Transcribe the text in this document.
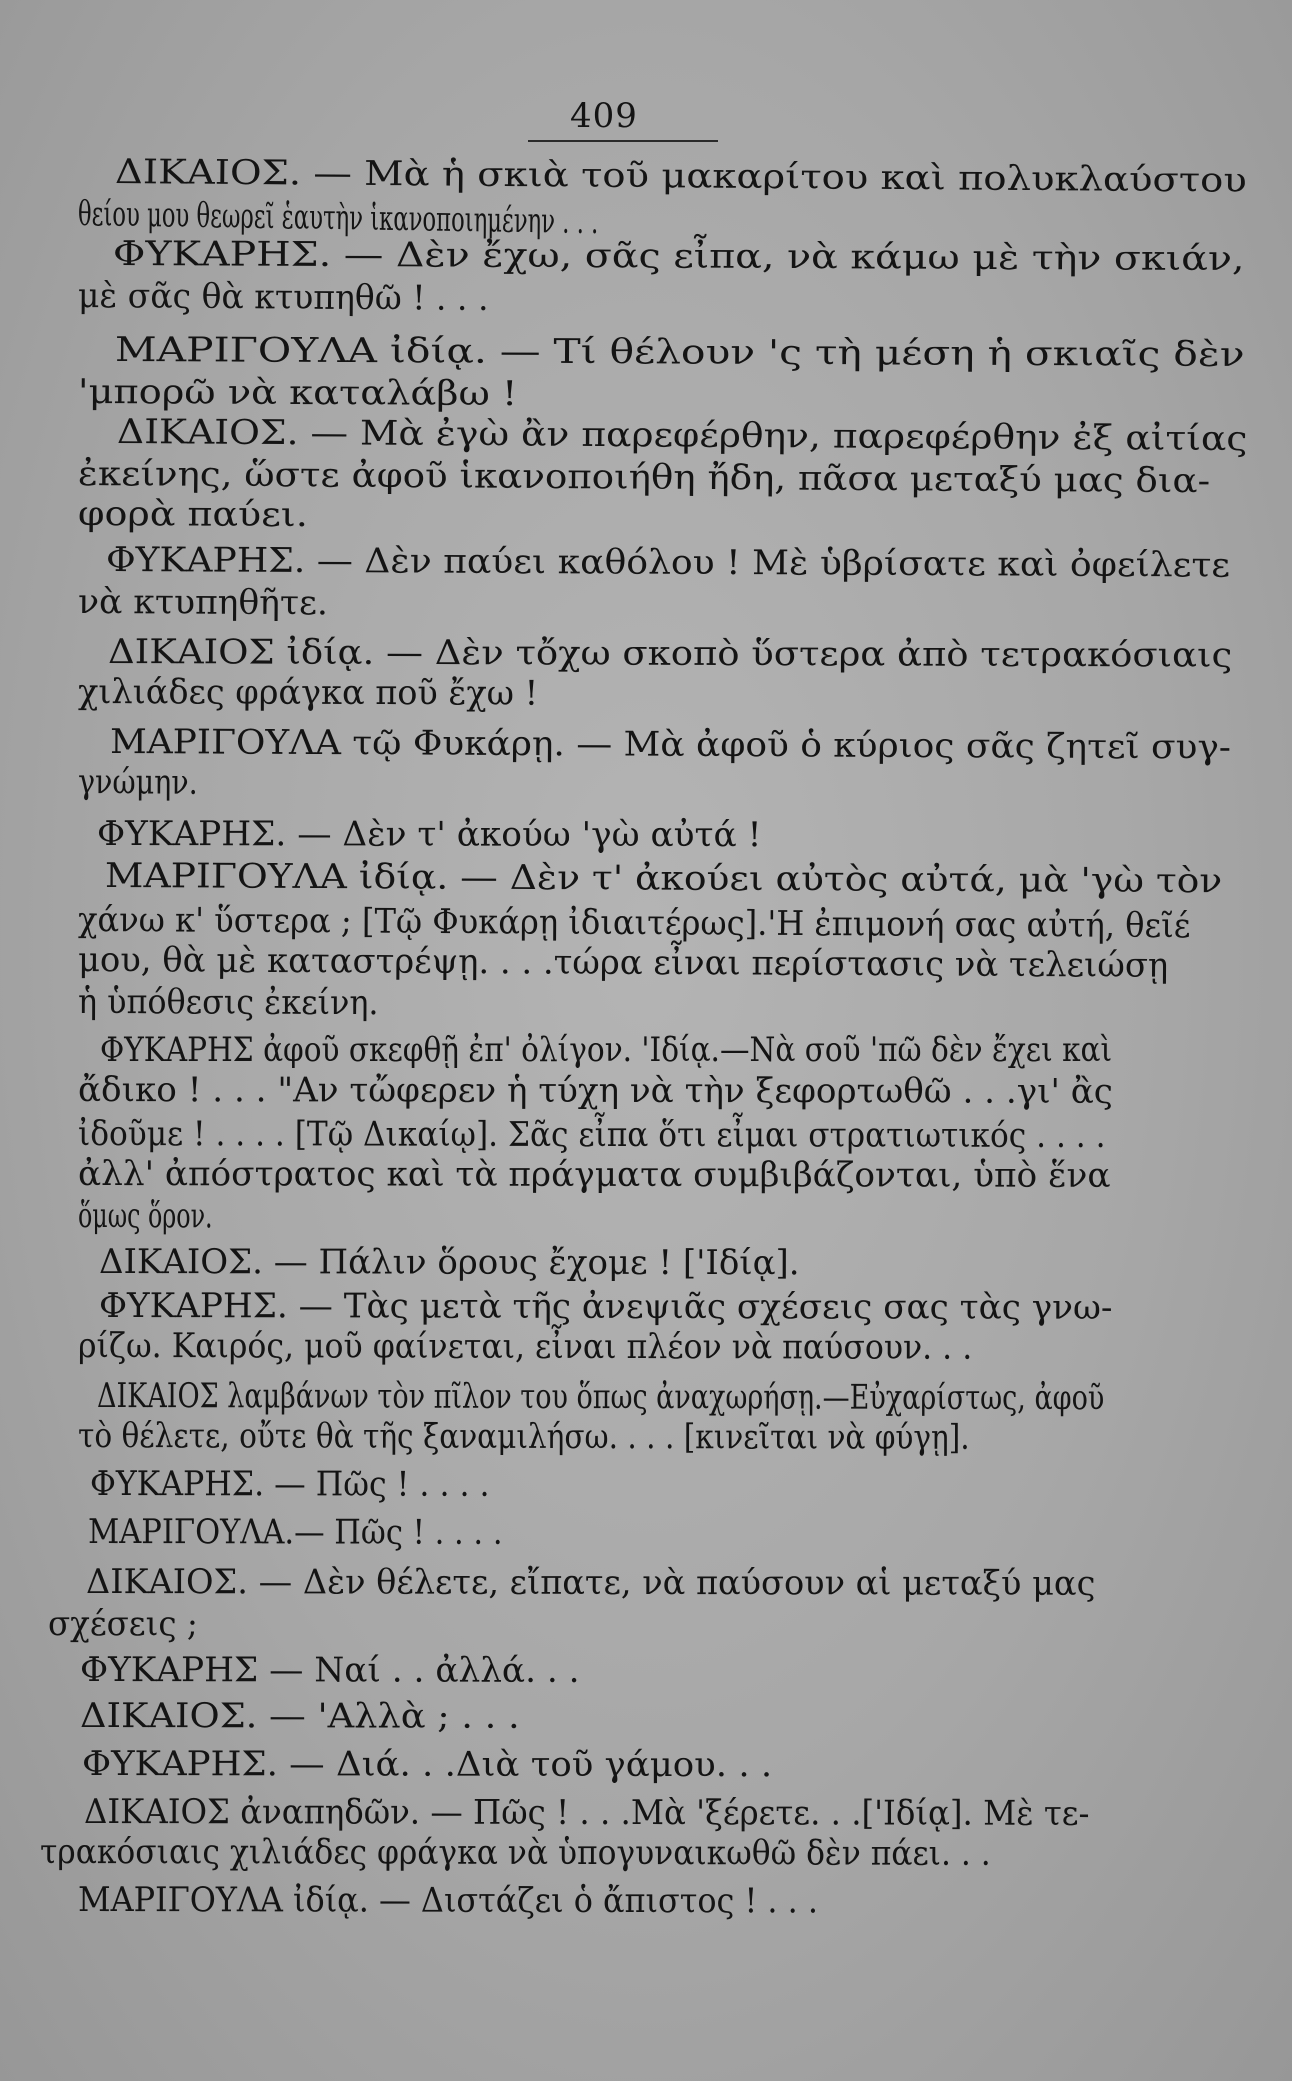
409
ΔΙΚΑΙΟΣ. — Μὰ ἡ σκιὰ τοῦ μακαρίτου καὶ πολυκλαύστου
θείου μου θεωρεῖ ἑαυτὴν ἱκανοποιημένην . . .
ΦΥΚΑΡΗΣ. — Δὲν ἔχω, σᾶς εἶπα, νὰ κάμω μὲ τὴν σκιάν,
μὲ σᾶς θὰ κτυπηθῶ ! . . .
ΜΑΡΙΓΟΥΛΑ ἰδίᾳ. — Τί θέλουν 'ς τὴ μέση ἡ σκιαῖς δὲν
'μπορῶ νὰ καταλάβω !
ΔΙΚΑΙΟΣ. — Μὰ ἐγὼ ἂν παρεφέρθην, παρεφέρθην ἐξ αἰτίας
ἐκείνης, ὥστε ἀφοῦ ἱκανοποιήθη ἤδη, πᾶσα μεταξύ μας δια-
φορὰ παύει.
ΦΥΚΑΡΗΣ. — Δὲν παύει καθόλου ! Μὲ ὑβρίσατε καὶ ὀφείλετε
νὰ κτυπηθῆτε.
ΔΙΚΑΙΟΣ ἰδίᾳ. — Δὲν τὄχω σκοπὸ ὕστερα ἀπὸ τετρακόσιαις
χιλιάδες φράγκα ποῦ ἔχω !
ΜΑΡΙΓΟΥΛΑ τῷ Φυκάρῃ. — Μὰ ἀφοῦ ὁ κύριος σᾶς ζητεῖ συγ-
γνώμην.
ΦΥΚΑΡΗΣ. — Δὲν τ' ἀκούω 'γὼ αὐτά !
ΜΑΡΙΓΟΥΛΑ ἰδίᾳ. — Δὲν τ' ἀκούει αὐτὸς αὐτά, μὰ 'γὼ τὸν
χάνω κ' ὕστερα ; [Τῷ Φυκάρῃ ἰδιαιτέρως].'Η ἐπιμονή σας αὐτή, θεῖέ
μου, θὰ μὲ καταστρέψῃ. . . .τώρα εἶναι περίστασις νὰ τελειώσῃ
ἡ ὑπόθεσις ἐκείνη.
ΦΥΚΑΡΗΣ ἀφοῦ σκεφθῇ ἐπ' ὀλίγον. 'Ιδίᾳ.—Νὰ σοῦ 'πῶ δὲν ἔχει καὶ
ἄδικο ! . . . "Αν τὤφερεν ἡ τύχη νὰ τὴν ξεφορτωθῶ . . .γι' ἂς
ἰδοῦμε ! . . . . [Τῷ Δικαίῳ]. Σᾶς εἶπα ὅτι εἶμαι στρατιωτικός . . . .
ἀλλ' ἀπόστρατος καὶ τὰ πράγματα συμβιβάζονται, ὑπὸ ἕνα
ὅμως ὅρον.
ΔΙΚΑΙΟΣ. — Πάλιν ὅρους ἔχομε ! ['Ιδίᾳ].
ΦΥΚΑΡΗΣ. — Τὰς μετὰ τῆς ἀνεψιᾶς σχέσεις σας τὰς γνω-
ρίζω. Καιρός, μοῦ φαίνεται, εἶναι πλέον νὰ παύσουν. . .
ΔΙΚΑΙΟΣ λαμβάνων τὸν πῖλον του ὅπως ἀναχωρήσῃ.—Εὐχαρίστως, ἀφοῦ
τὸ θέλετε, οὔτε θὰ τῆς ξαναμιλήσω. . . . [κινεῖται νὰ φύγῃ].
ΦΥΚΑΡΗΣ. — Πῶς ! . . . .
ΜΑΡΙΓΟΥΛΑ.— Πῶς ! . . . .
ΔΙΚΑΙΟΣ. — Δὲν θέλετε, εἴπατε, νὰ παύσουν αἱ μεταξύ μας
σχέσεις ;
ΦΥΚΑΡΗΣ — Ναί . . ἀλλά. . .
ΔΙΚΑΙΟΣ. — 'Αλλὰ ; . . .
ΦΥΚΑΡΗΣ. — Διά. . .Διὰ τοῦ γάμου. . .
ΔΙΚΑΙΟΣ ἀναπηδῶν. — Πῶς ! . . .Μὰ 'ξέρετε. . .['Ιδίᾳ]. Μὲ τε-
τρακόσιαις χιλιάδες φράγκα νὰ ὑπογυναικωθῶ δὲν πάει. . .
ΜΑΡΙΓΟΥΛΑ ἰδίᾳ. — Διστάζει ὁ ἄπιστος ! . . .
